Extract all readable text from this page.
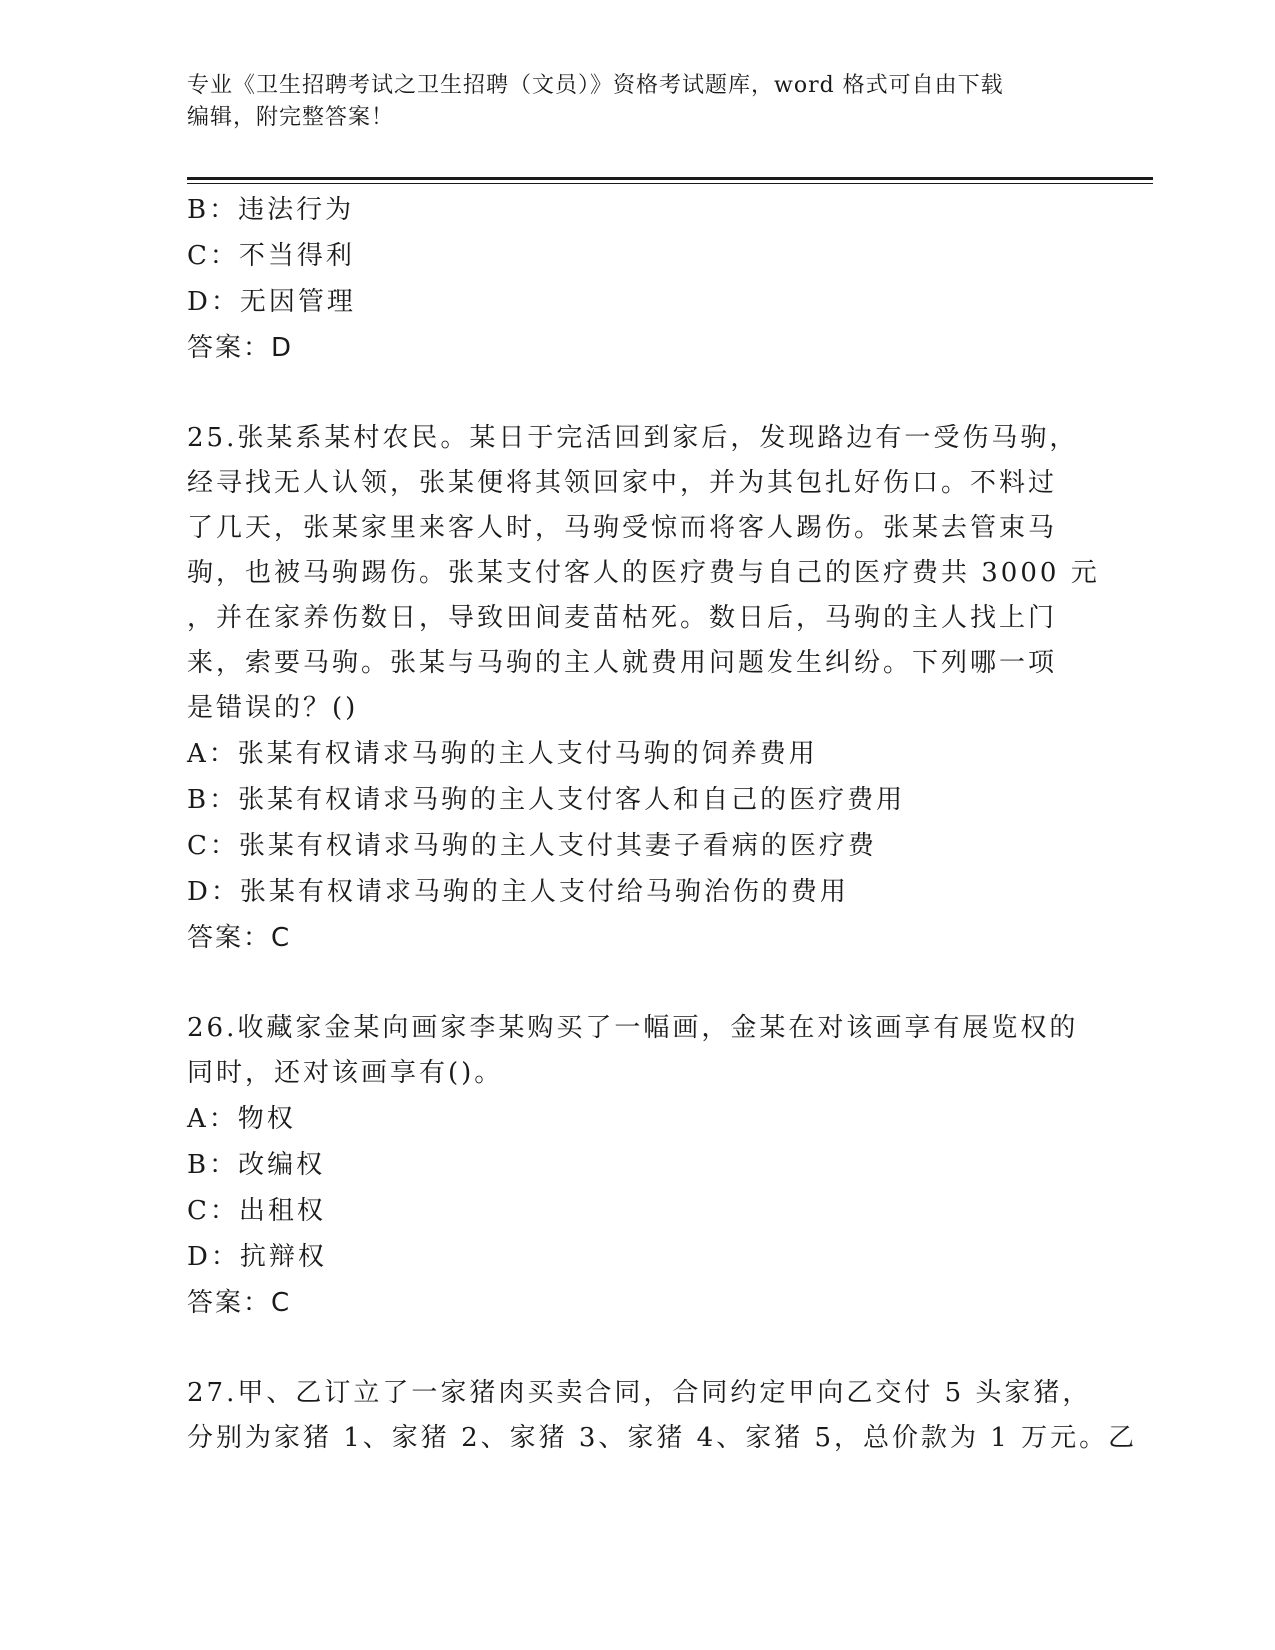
专业《卫生招聘考试之卫生招聘（文员）》资格考试题库，word 格式可自由下载
编辑，附完整答案！
B：违法行为
C：不当得利
D：无因管理
答案：D
25.张某系某村农民。某日于完活回到家后，发现路边有一受伤马驹，
经寻找无人认领，张某便将其领回家中，并为其包扎好伤口。不料过
了几天，张某家里来客人时，马驹受惊而将客人踢伤。张某去管束马
驹，也被马驹踢伤。张某支付客人的医疗费与自己的医疗费共 3000 元
，并在家养伤数日，导致田间麦苗枯死。数日后，马驹的主人找上门
来，索要马驹。张某与马驹的主人就费用问题发生纠纷。下列哪一项
是错误的？()
A：张某有权请求马驹的主人支付马驹的饲养费用
B：张某有权请求马驹的主人支付客人和自己的医疗费用
C：张某有权请求马驹的主人支付其妻子看病的医疗费
D：张某有权请求马驹的主人支付给马驹治伤的费用
答案：C
26.收藏家金某向画家李某购买了一幅画，金某在对该画享有展览权的
同时，还对该画享有()。
A：物权
B：改编权
C：出租权
D：抗辩权
答案：C
27.甲、乙订立了一家猪肉买卖合同，合同约定甲向乙交付 5 头家猪，
分别为家猪 1、家猪 2、家猪 3、家猪 4、家猪 5，总价款为 1 万元。乙
